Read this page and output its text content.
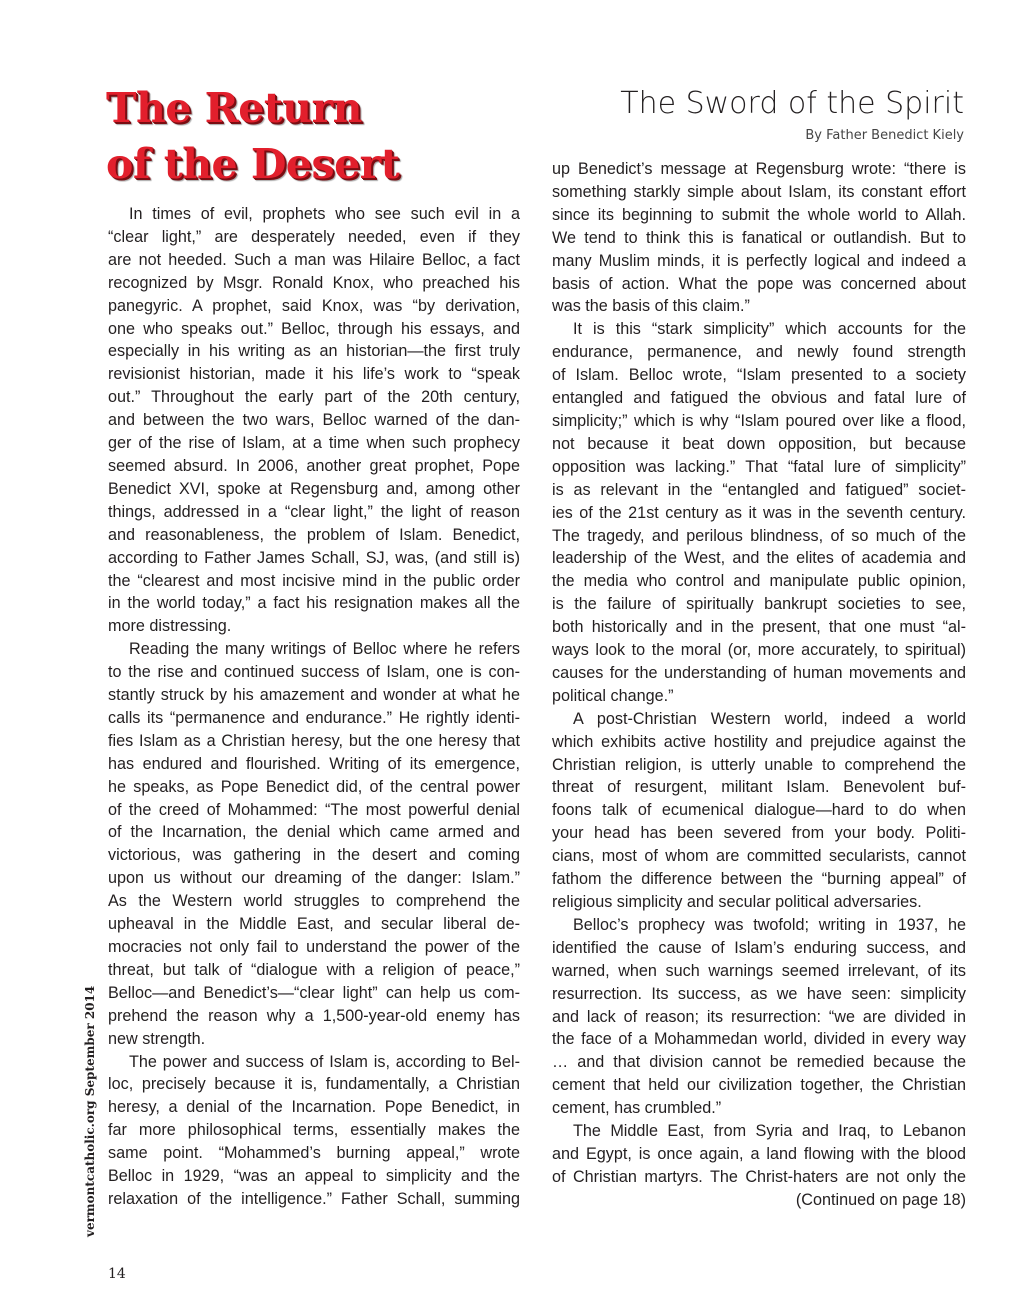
The Return
of the Desert
The Sword of the Spirit
By Father Benedict Kiely
In times of evil, prophets who see such evil in a
“clear light,” are desperately needed, even if they
are not heeded. Such a man was Hilaire Belloc, a fact
recognized by Msgr. Ronald Knox, who preached his
panegyric. A prophet, said Knox, was “by derivation,
one who speaks out.” Belloc, through his essays, and
especially in his writing as an historian—the first truly
revisionist historian, made it his life’s work to “speak
out.” Throughout the early part of the 20th century,
and between the two wars, Belloc warned of the dan-
ger of the rise of Islam, at a time when such prophecy
seemed absurd. In 2006, another great prophet, Pope
Benedict XVI, spoke at Regensburg and, among other
things, addressed in a “clear light,” the light of reason
and reasonableness, the problem of Islam. Benedict,
according to Father James Schall, SJ, was, (and still is)
the “clearest and most incisive mind in the public order
in the world today,” a fact his resignation makes all the
more distressing.
Reading the many writings of Belloc where he refers
to the rise and continued success of Islam, one is con-
stantly struck by his amazement and wonder at what he
calls its “permanence and endurance.” He rightly identi-
fies Islam as a Christian heresy, but the one heresy that
has endured and flourished. Writing of its emergence,
he speaks, as Pope Benedict did, of the central power
of the creed of Mohammed: “The most powerful denial
of the Incarnation, the denial which came armed and
victorious, was gathering in the desert and coming
upon us without our dreaming of the danger: Islam.”
As the Western world struggles to comprehend the
upheaval in the Middle East, and secular liberal de-
mocracies not only fail to understand the power of the
threat, but talk of “dialogue with a religion of peace,”
Belloc—and Benedict’s—“clear light” can help us com-
prehend the reason why a 1,500-year-old enemy has
new strength.
The power and success of Islam is, according to Bel-
loc, precisely because it is, fundamentally, a Christian
heresy, a denial of the Incarnation. Pope Benedict, in
far more philosophical terms, essentially makes the
same point. “Mohammed’s burning appeal,” wrote
Belloc in 1929, “was an appeal to simplicity and the
relaxation of the intelligence.” Father Schall, summing
up Benedict’s message at Regensburg wrote: “there is
something starkly simple about Islam, its constant effort
since its beginning to submit the whole world to Allah.
We tend to think this is fanatical or outlandish. But to
many Muslim minds, it is perfectly logical and indeed a
basis of action. What the pope was concerned about
was the basis of this claim.”
It is this “stark simplicity” which accounts for the
endurance, permanence, and newly found strength
of Islam. Belloc wrote, “Islam presented to a society
entangled and fatigued the obvious and fatal lure of
simplicity;” which is why “Islam poured over like a flood,
not because it beat down opposition, but because
opposition was lacking.” That “fatal lure of simplicity”
is as relevant in the “entangled and fatigued” societ-
ies of the 21st century as it was in the seventh century.
The tragedy, and perilous blindness, of so much of the
leadership of the West, and the elites of academia and
the media who control and manipulate public opinion,
is the failure of spiritually bankrupt societies to see,
both historically and in the present, that one must “al-
ways look to the moral (or, more accurately, to spiritual)
causes for the understanding of human movements and
political change.”
A post-Christian Western world, indeed a world
which exhibits active hostility and prejudice against the
Christian religion, is utterly unable to comprehend the
threat of resurgent, militant Islam. Benevolent buf-
foons talk of ecumenical dialogue—hard to do when
your head has been severed from your body. Politi-
cians, most of whom are committed secularists, cannot
fathom the difference between the “burning appeal” of
religious simplicity and secular political adversaries.
Belloc’s prophecy was twofold; writing in 1937, he
identified the cause of Islam’s enduring success, and
warned, when such warnings seemed irrelevant, of its
resurrection. Its success, as we have seen: simplicity
and lack of reason; its resurrection: “we are divided in
the face of a Mohammedan world, divided in every way
… and that division cannot be remedied because the
cement that held our civilization together, the Christian
cement, has crumbled.”
The Middle East, from Syria and Iraq, to Lebanon
and Egypt, is once again, a land flowing with the blood
of Christian martyrs. The Christ-haters are not only the
(Continued on page 18)
vermontcatholic.org September 2014
14
